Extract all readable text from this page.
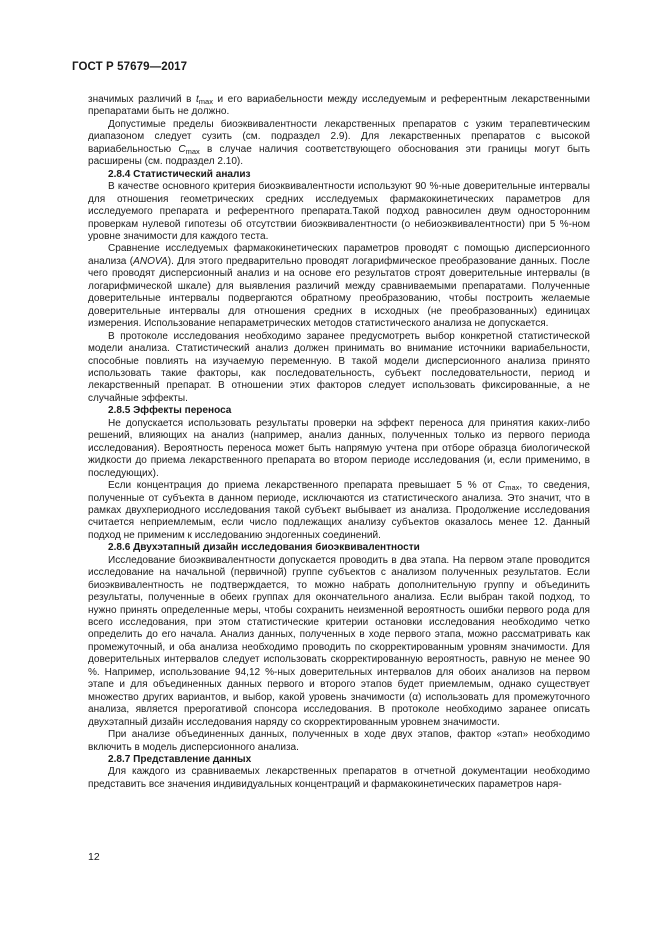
ГОСТ Р 57679—2017

значимых различий в $t_{max}$ и его вариабельности между исследуемым и референтным лекарственными препаратами быть не должно.

Допустимые пределы биоэквивалентности лекарственных препаратов с узким терапевтическим диапазоном следует сузить (см. подраздел 2.9). Для лекарственных препаратов с высокой вариабельностью $C_{max}$ в случае наличия соответствующего обоснования эти границы могут быть расширены (см. подраздел 2.10).

2.8.4 Статистический анализ

В качестве основного критерия биоэквивалентности используют 90 %-ные доверительные интервалы для отношения геометрических средних исследуемых фармакокинетических параметров для исследуемого препарата и референтного препарата.Такой подход равносилен двум односторонним проверкам нулевой гипотезы об отсутствии биоэквивалентности (о небиоэквивалентности) при 5 %-ном уровне значимости для каждого теста.

Сравнение исследуемых фармакокинетических параметров проводят с помощью дисперсионного анализа (ANOVA). Для этого предварительно проводят логарифмическое преобразование данных. После чего проводят дисперсионный анализ и на основе его результатов строят доверительные интервалы (в логарифмической шкале) для выявления различий между сравниваемыми препаратами. Полученные доверительные интервалы подвергаются обратному преобразованию, чтобы построить желаемые доверительные интервалы для отношения средних в исходных (не преобразованных) единицах измерения. Использование непараметрических методов статистического анализа не допускается.

В протоколе исследования необходимо заранее предусмотреть выбор конкретной статистической модели анализа. Статистический анализ должен принимать во внимание источники вариабельности, способные повлиять на изучаемую переменную. В такой модели дисперсионного анализа принято использовать такие факторы, как последовательность, субъект последовательности, период и лекарственный препарат. В отношении этих факторов следует использовать фиксированные, а не случайные эффекты.

2.8.5 Эффекты переноса

Не допускается использовать результаты проверки на эффект переноса для принятия каких-либо решений, влияющих на анализ (например, анализ данных, полученных только из первого периода исследования). Вероятность переноса может быть напрямую учтена при отборе образца биологической жидкости до приема лекарственного препарата во втором периоде исследования (и, если применимо, в последующих).

Если концентрация до приема лекарственного препарата превышает 5 % от $C_{max}$, то сведения, полученные от субъекта в данном периоде, исключаются из статистического анализа. Это значит, что в рамках двухпериодного исследования такой субъект выбывает из анализа. Продолжение исследования считается неприемлемым, если число подлежащих анализу субъектов оказалось менее 12. Данный подход не применим к исследованию эндогенных соединений.

2.8.6 Двухэтапный дизайн исследования биоэквивалентности

Исследование биоэквивалентности допускается проводить в два этапа. На первом этапе проводится исследование на начальной (первичной) группе субъектов с анализом полученных результатов. Если биоэквивалентность не подтверждается, то можно набрать дополнительную группу и объединить результаты, полученные в обеих группах для окончательного анализа. Если выбран такой подход, то нужно принять определенные меры, чтобы сохранить неизменной вероятность ошибки первого рода для всего исследования, при этом статистические критерии остановки исследования необходимо четко определить до его начала. Анализ данных, полученных в ходе первого этапа, можно рассматривать как промежуточный, и оба анализа необходимо проводить по скорректированным уровням значимости. Для доверительных интервалов следует использовать скорректированную вероятность, равную не менее 90 %. Например, использование 94,12 %-ных доверительных интервалов для обоих анализов на первом этапе и для объединенных данных первого и второго этапов будет приемлемым, однако существует множество других вариантов, и выбор, какой уровень значимости (α) использовать для промежуточного анализа, является прерогативой спонсора исследования. В протоколе необходимо заранее описать двухэтапный дизайн исследования наряду со скорректированным уровнем значимости.

При анализе объединенных данных, полученных в ходе двух этапов, фактор «этап» необходимо включить в модель дисперсионного анализа.

2.8.7 Представление данных

Для каждого из сравниваемых лекарственных препаратов в отчетной документации необходимо представить все значения индивидуальных концентраций и фармакокинетических параметров наря-

12
